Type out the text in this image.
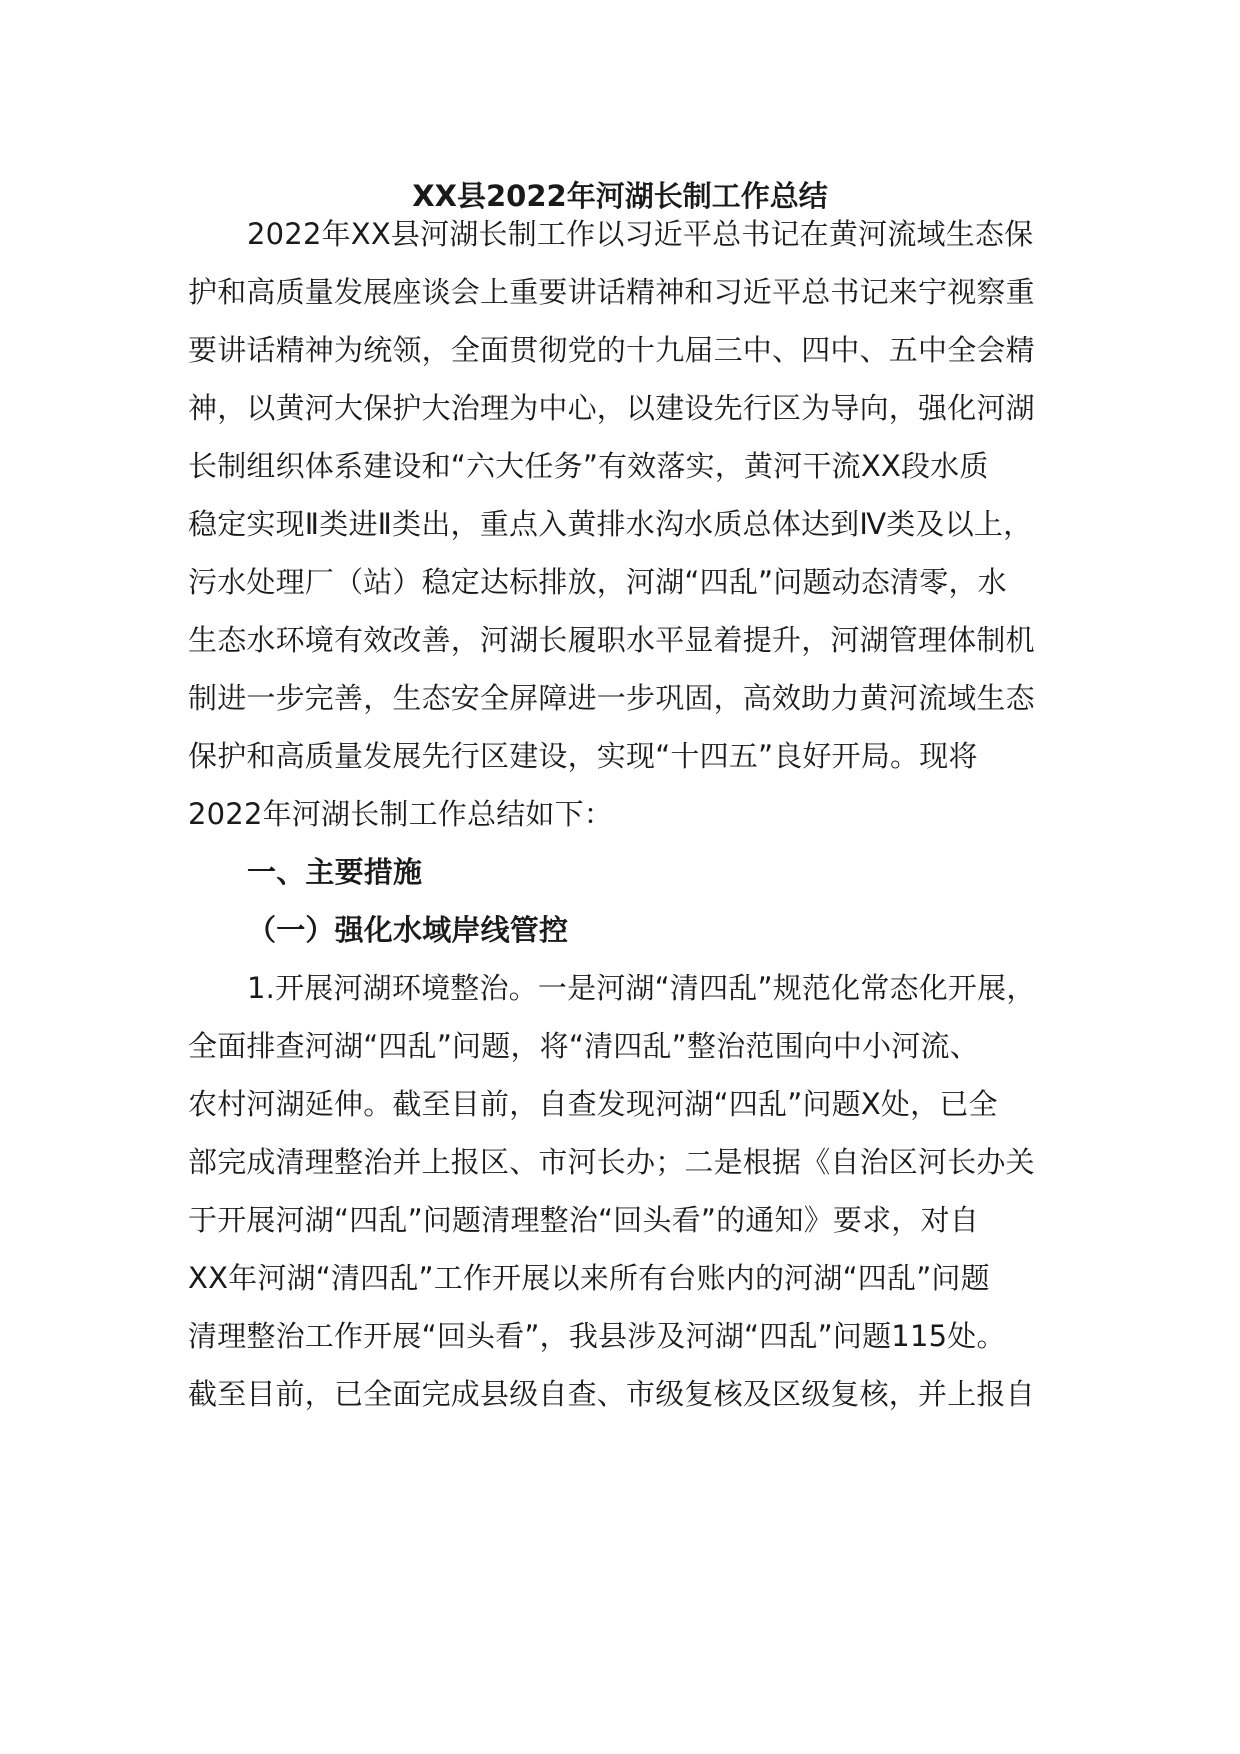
XX县2022年河湖长制工作总结
2022年XX县河湖长制工作以习近平总书记在黄河流域生态保
护和高质量发展座谈会上重要讲话精神和习近平总书记来宁视察重
要讲话精神为统领，全面贯彻党的十九届三中、四中、五中全会精
神，以黄河大保护大治理为中心，以建设先行区为导向，强化河湖
长制组织体系建设和“六大任务”有效落实，黄河干流XX段水质
稳定实现Ⅱ类进Ⅱ类出，重点入黄排水沟水质总体达到Ⅳ类及以上，
污水处理厂（站）稳定达标排放，河湖“四乱”问题动态清零，水
生态水环境有效改善，河湖长履职水平显着提升，河湖管理体制机
制进一步完善，生态安全屏障进一步巩固，高效助力黄河流域生态
保护和高质量发展先行区建设，实现“十四五”良好开局。现将
2022年河湖长制工作总结如下：
一、主要措施
（一）强化水域岸线管控
1.开展河湖环境整治。一是河湖“清四乱”规范化常态化开展，
全面排查河湖“四乱”问题，将“清四乱”整治范围向中小河流、
农村河湖延伸。截至目前，自查发现河湖“四乱”问题X处，已全
部完成清理整治并上报区、市河长办；二是根据《自治区河长办关
于开展河湖“四乱”问题清理整治“回头看”的通知》要求，对自
XX年河湖“清四乱”工作开展以来所有台账内的河湖“四乱”问题
清理整治工作开展“回头看”，我县涉及河湖“四乱”问题115处。
截至目前，已全面完成县级自查、市级复核及区级复核，并上报自
